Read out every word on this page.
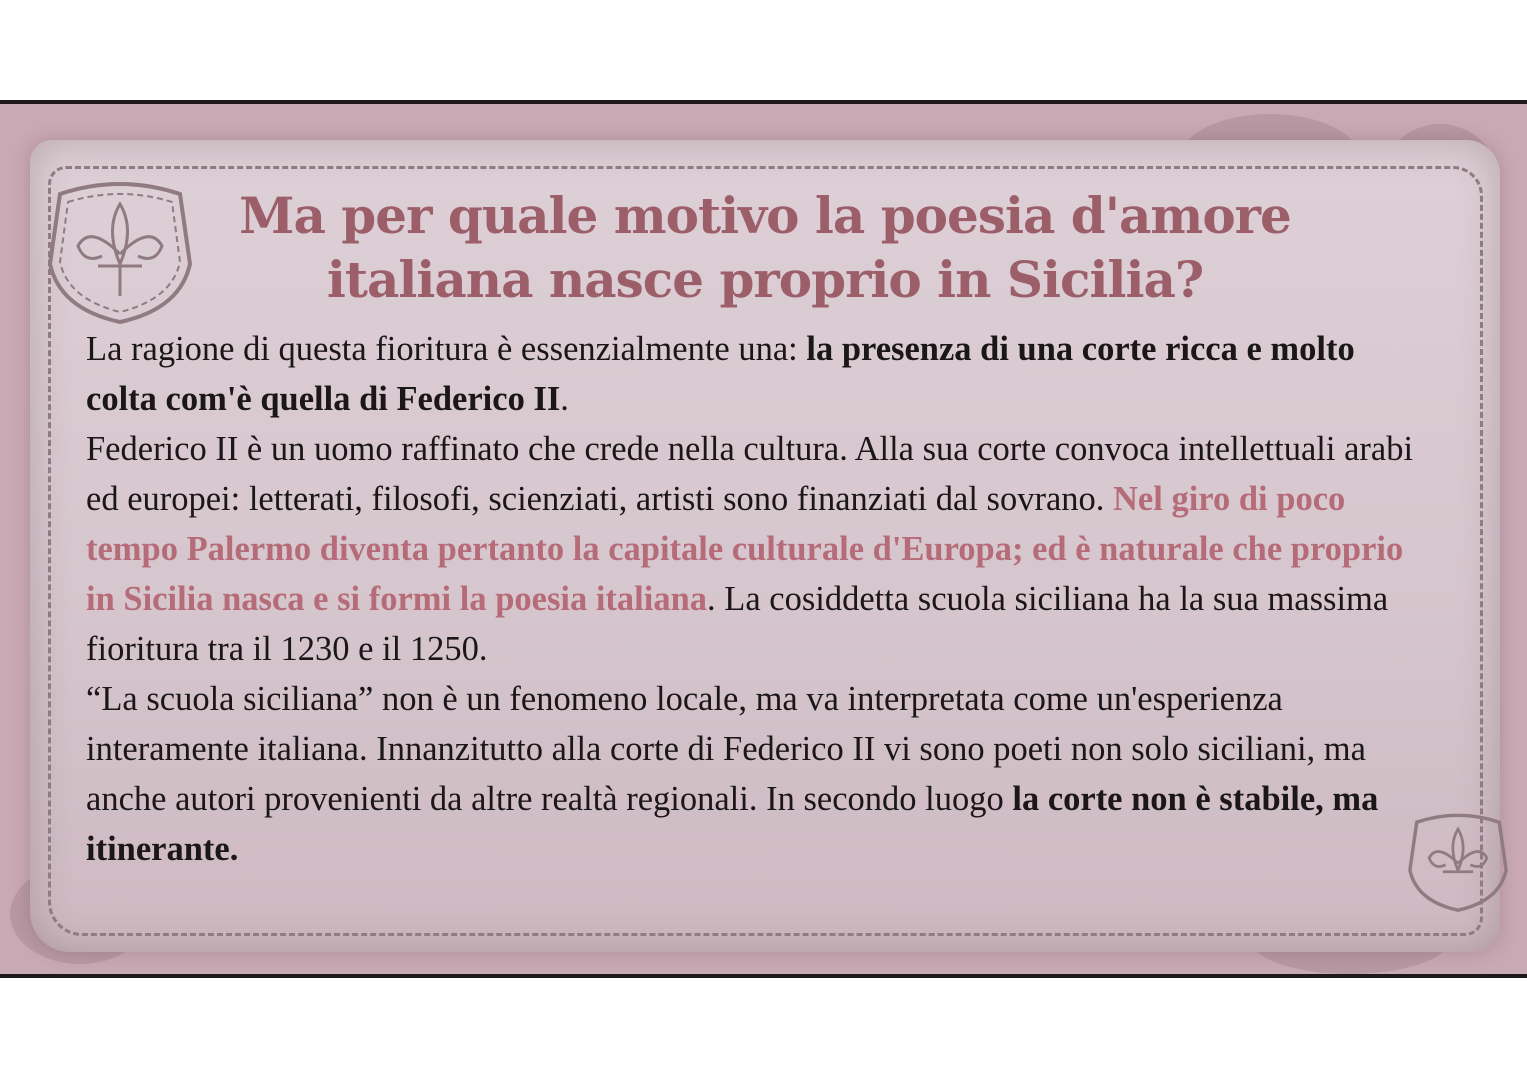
Ma per quale motivo la poesia d'amore
italiana nasce proprio in Sicilia?

La ragione di questa fioritura è essenzialmente una: la presenza di una corte ricca e molto colta com'è quella di Federico II.

Federico II è un uomo raffinato che crede nella cultura. Alla sua corte convoca intellettuali arabi ed europei: letterati, filosofi, scienziati, artisti sono finanziati dal sovrano. Nel giro di poco tempo Palermo diventa pertanto la capitale culturale d'Europa; ed è naturale che proprio in Sicilia nasca e si formi la poesia italiana. La cosiddetta scuola siciliana ha la sua massima fioritura tra il 1230 e il 1250.

“La scuola siciliana” non è un fenomeno locale, ma va interpretata come un'esperienza interamente italiana. Innanzitutto alla corte di Federico II vi sono poeti non solo siciliani, ma anche autori provenienti da altre realtà regionali. In secondo luogo la corte non è stabile, ma itinerante.
